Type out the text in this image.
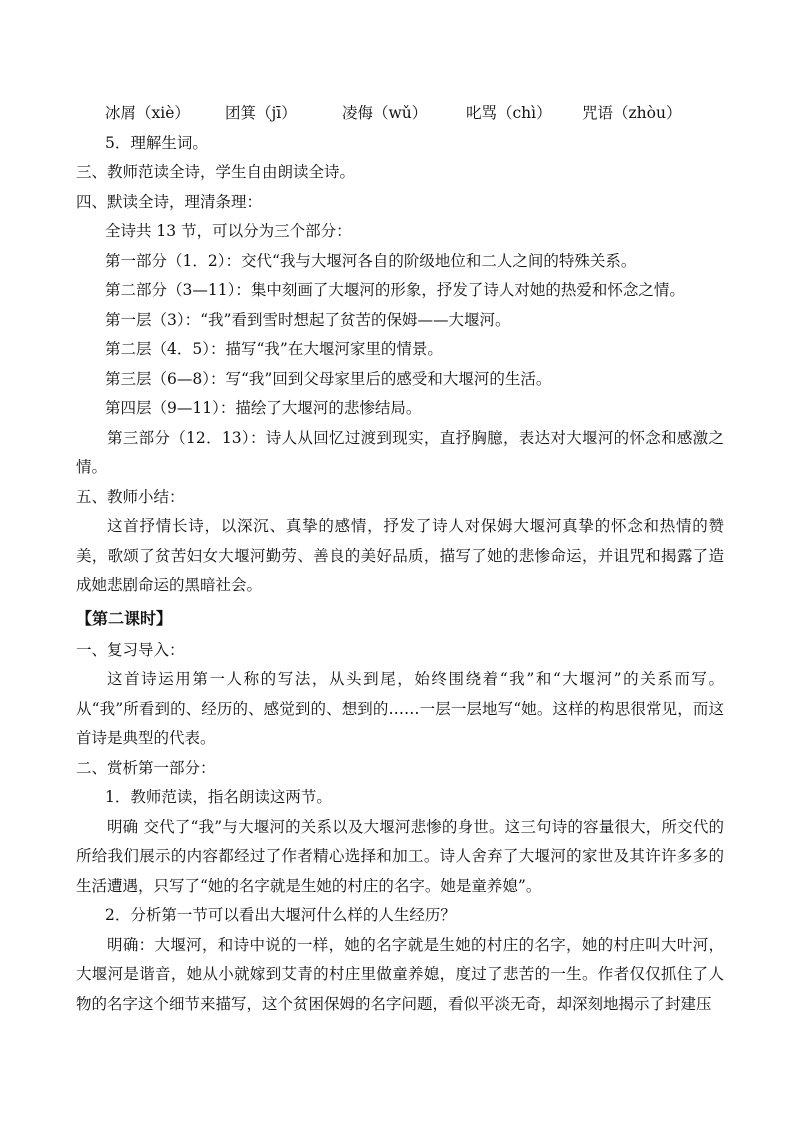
冰屑（xiè）	团箕（jī）	凌侮（wǔ）	叱骂（chì）	咒语（zhòu）
5．理解生词。
三、教师范读全诗，学生自由朗读全诗。
四、默读全诗，理清条理：
全诗共 13 节，可以分为三个部分：
第一部分（1．2）：交代“我与大堰河各自的阶级地位和二人之间的特殊关系。
第二部分（3—11）：集中刻画了大堰河的形象，抒发了诗人对她的热爱和怀念之情。
第一层（3）：“我”看到雪时想起了贫苦的保姆——大堰河。
第二层（4．5）：描写“我”在大堰河家里的情景。
第三层（6—8）：写“我”回到父母家里后的感受和大堰河的生活。
第四层（9—11）：描绘了大堰河的悲惨结局。
第三部分（12．13）：诗人从回忆过渡到现实，直抒胸臆，表达对大堰河的怀念和感激之情。
五、教师小结：
这首抒情长诗，以深沉、真挚的感情，抒发了诗人对保姆大堰河真挚的怀念和热情的赞美，歌颂了贫苦妇女大堰河勤劳、善良的美好品质，描写了她的悲惨命运，并诅咒和揭露了造成她悲剧命运的黑暗社会。
【第二课时】
一、复习导入：
这首诗运用第一人称的写法，从头到尾，始终围绕着“我”和“大堰河”的关系而写。从“我”所看到的、经历的、感觉到的、想到的……一层一层地写“她。这样的构思很常见，而这首诗是典型的代表。
二、赏析第一部分：
1．教师范读，指名朗读这两节。
明确 交代了“我”与大堰河的关系以及大堰河悲惨的身世。这三句诗的容量很大，所交代的所给我们展示的内容都经过了作者精心选择和加工。诗人舍弃了大堰河的家世及其许许多多的生活遭遇，只写了“她的名字就是生她的村庄的名字。她是童养媳”。
2．分析第一节可以看出大堰河什么样的人生经历？
明确：大堰河，和诗中说的一样，她的名字就是生她的村庄的名字，她的村庄叫大叶河，大堰河是谐音，她从小就嫁到艾青的村庄里做童养媳，度过了悲苦的一生。作者仅仅抓住了人物的名字这个细节来描写，这个贫困保姆的名字问题，看似平淡无奇，却深刻地揭示了封建压
